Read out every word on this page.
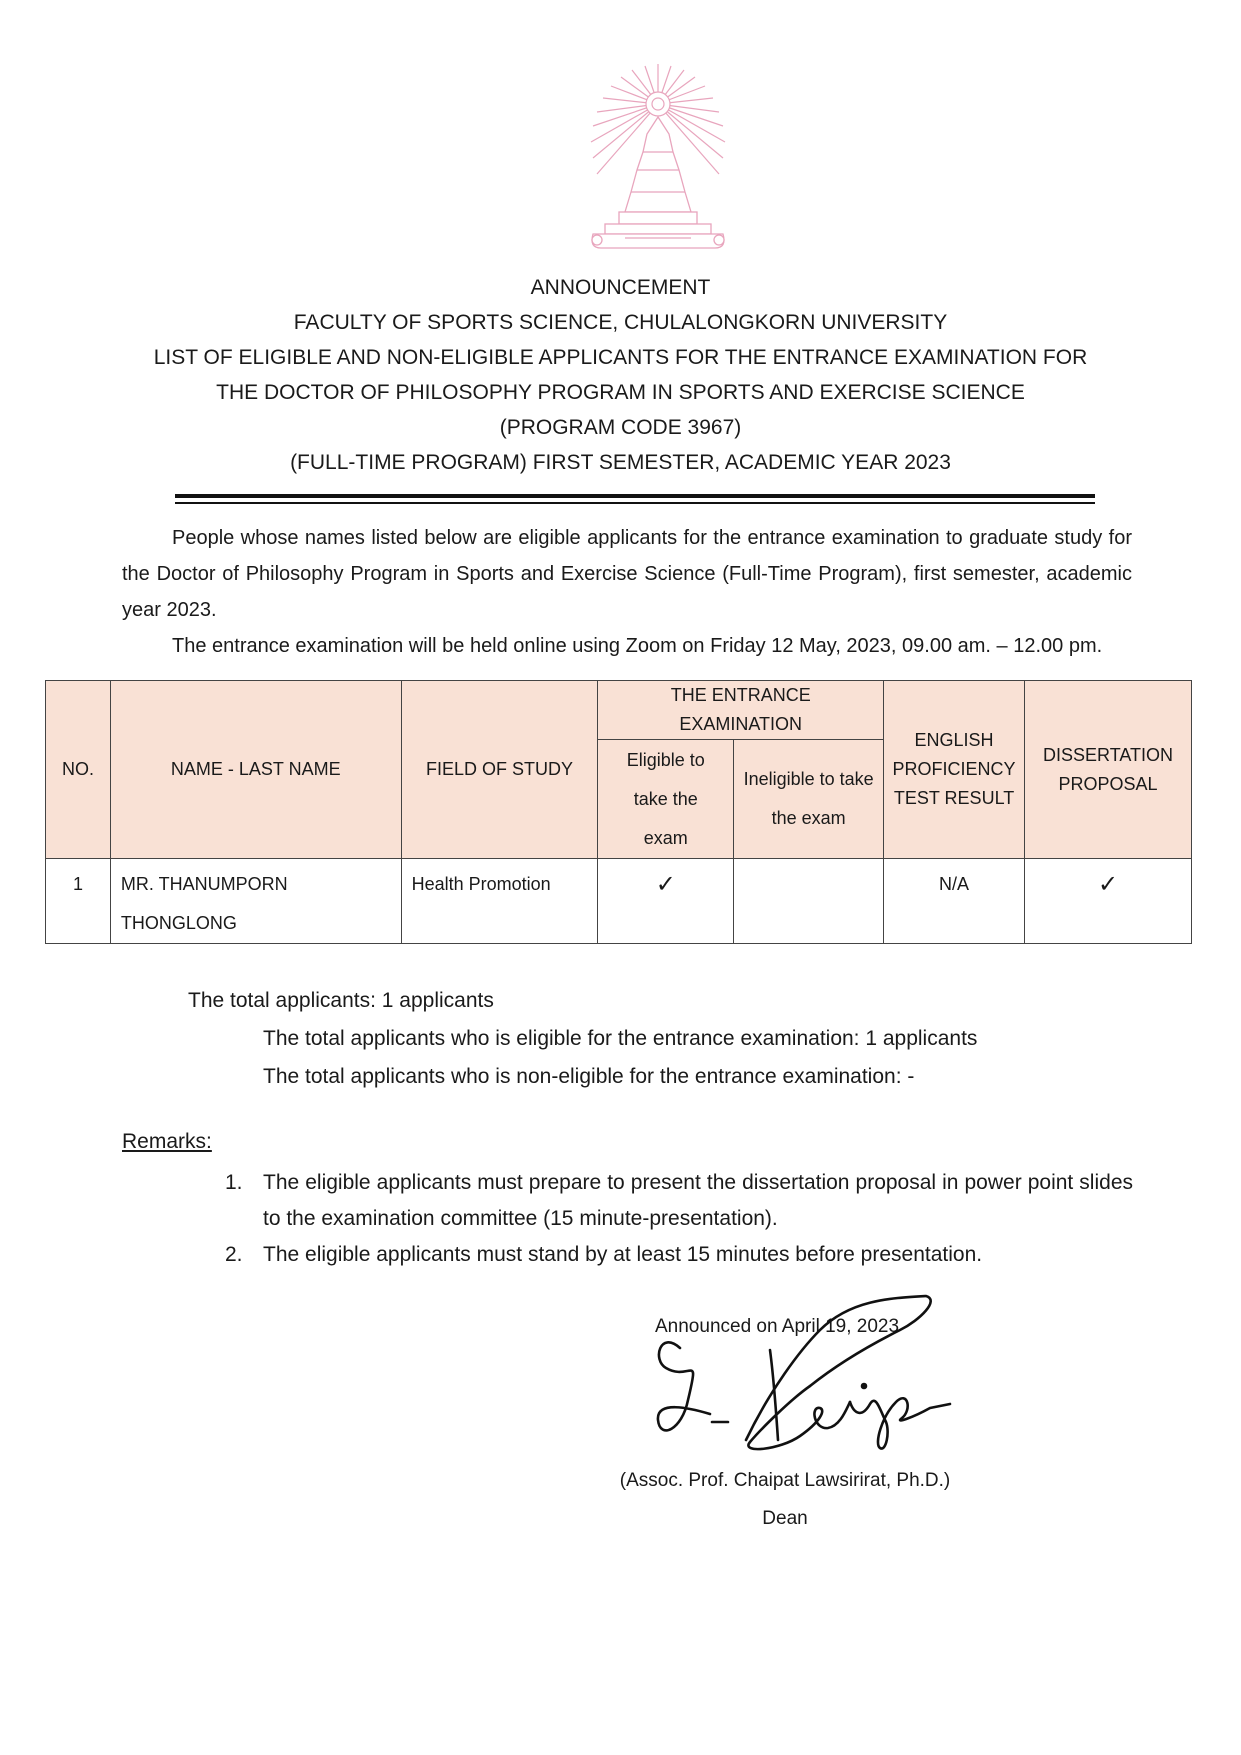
ANNOUNCEMENT
FACULTY OF SPORTS SCIENCE, CHULALONGKORN UNIVERSITY
LIST OF ELIGIBLE AND NON-ELIGIBLE APPLICANTS FOR THE ENTRANCE EXAMINATION FOR
THE DOCTOR OF PHILOSOPHY PROGRAM IN SPORTS AND EXERCISE SCIENCE
(PROGRAM CODE 3967)
(FULL-TIME PROGRAM) FIRST SEMESTER, ACADEMIC YEAR 2023

People whose names listed below are eligible applicants for the entrance examination to graduate study for the Doctor of Philosophy Program in Sports and Exercise Science (Full-Time Program), first semester, academic year 2023.

The entrance examination will be held online using Zoom on Friday 12 May, 2023, 09.00 am. – 12.00 pm.

NO.	NAME - LAST NAME	FIELD OF STUDY	THE ENTRANCE EXAMINATION		ENGLISH PROFICIENCY TEST RESULT	DISSERTATION PROPOSAL
			Eligible to take the exam	Ineligible to take the exam		
1	MR. THANUMPORN THONGLONG	Health Promotion	✓		N/A	✓
The total applicants: 1 applicants
The total applicants who is eligible for the entrance examination: 1 applicants
The total applicants who is non-eligible for the entrance examination: -
Remarks:
1. The eligible applicants must prepare to present the dissertation proposal in power point slides to the examination committee (15 minute-presentation).
2. The eligible applicants must stand by at least 15 minutes before presentation.
Announced on April 19, 2023
(Assoc. Prof. Chaipat Lawsirirat, Ph.D.)
Dean
